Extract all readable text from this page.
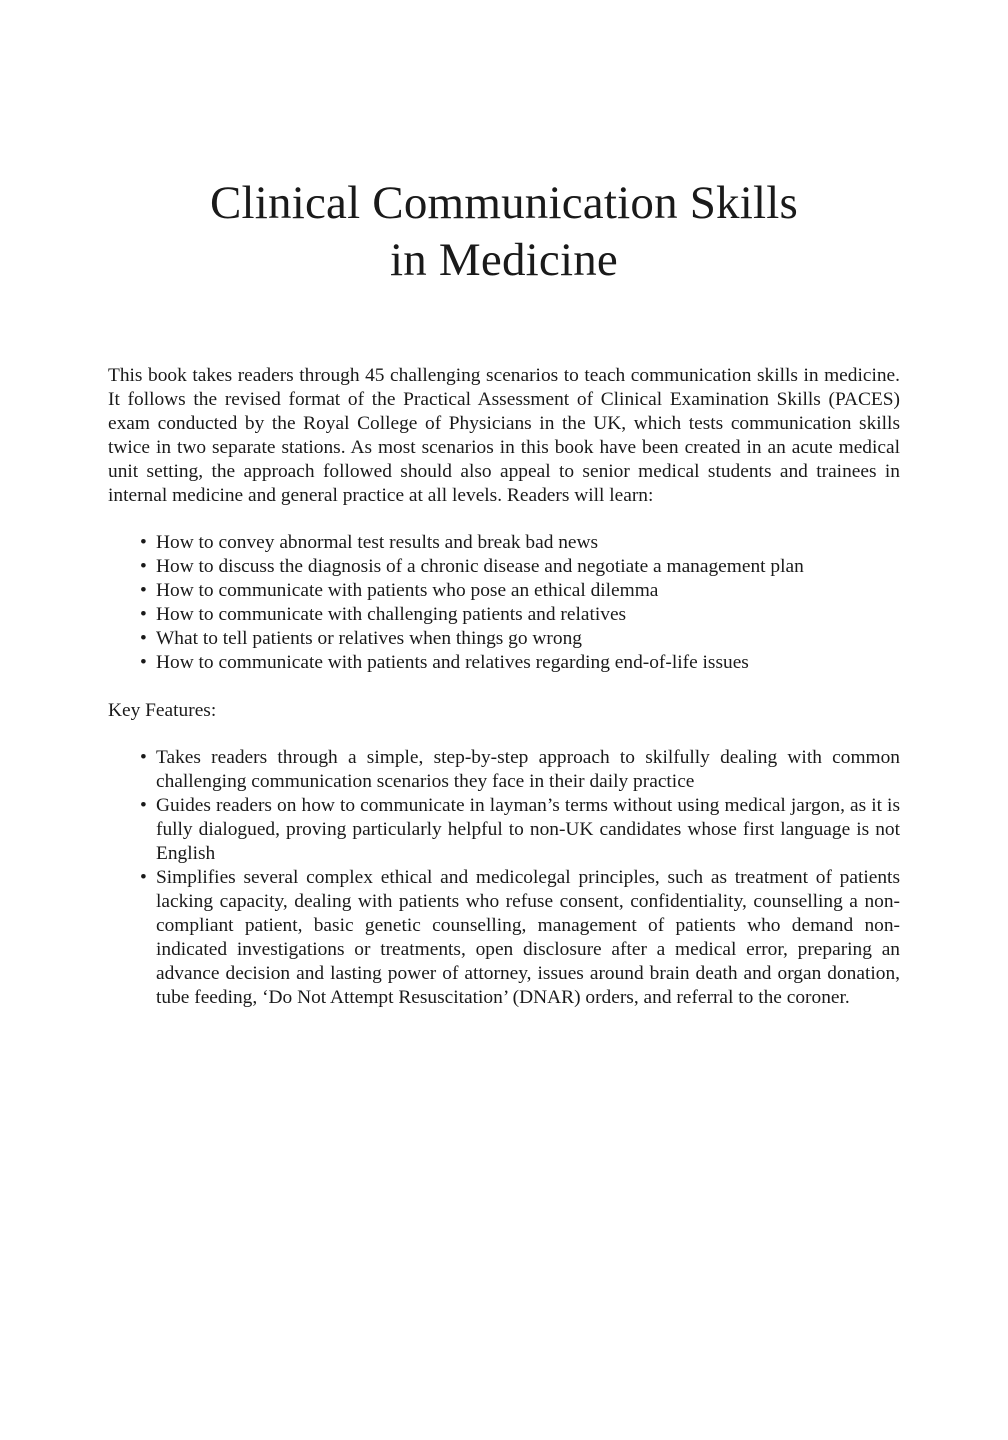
Clinical Communication Skills
in Medicine

This book takes readers through 45 challenging scenarios to teach communication skills in medicine. It follows the revised format of the Practical Assessment of Clinical Examination Skills (PACES) exam conducted by the Royal College of Physicians in the UK, which tests communication skills twice in two separate stations. As most scenarios in this book have been created in an acute medical unit setting, the approach followed should also appeal to senior medical students and trainees in internal medicine and general practice at all levels. Readers will learn:

• How to convey abnormal test results and break bad news
• How to discuss the diagnosis of a chronic disease and negotiate a management plan
• How to communicate with patients who pose an ethical dilemma
• How to communicate with challenging patients and relatives
• What to tell patients or relatives when things go wrong
• How to communicate with patients and relatives regarding end-of-life issues

Key Features:

• Takes readers through a simple, step-by-step approach to skilfully dealing with common challenging communication scenarios they face in their daily practice
• Guides readers on how to communicate in layman’s terms without using medical jargon, as it is fully dialogued, proving particularly helpful to non-UK candidates whose first language is not English
• Simplifies several complex ethical and medicolegal principles, such as treatment of patients lacking capacity, dealing with patients who refuse consent, confidentiality, counselling a non-compliant patient, basic genetic counselling, management of patients who demand non-indicated investigations or treatments, open disclosure after a medical error, preparing an advance decision and lasting power of attorney, issues around brain death and organ donation, tube feeding, ‘Do Not Attempt Resuscitation’ (DNAR) orders, and referral to the coroner.
